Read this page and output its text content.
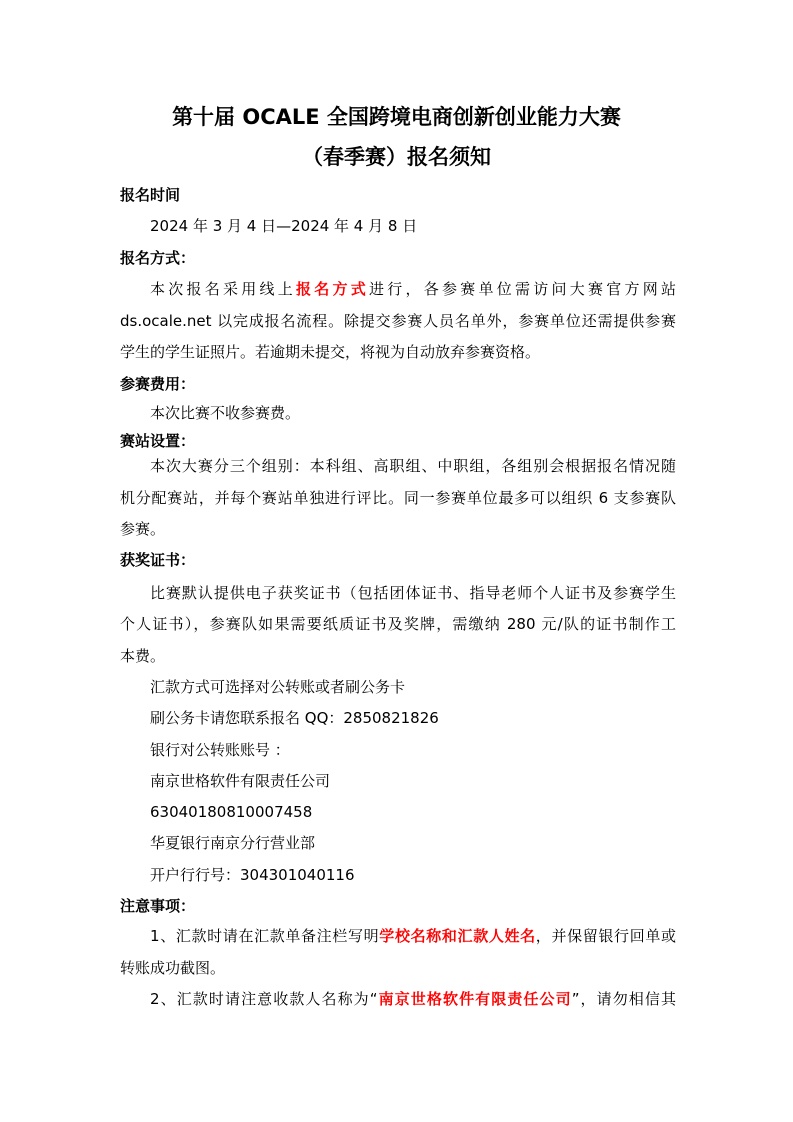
第十届 OCALE 全国跨境电商创新创业能力大赛
（春季赛）报名须知
报名时间
2024 年 3 月 4 日—2024 年 4 月 8 日
报名方式：
本次报名采用线上报名方式进行，各参赛单位需访问大赛官方网站
ds.ocale.net 以完成报名流程。除提交参赛人员名单外，参赛单位还需提供参赛
学生的学生证照片。若逾期未提交，将视为自动放弃参赛资格。
参赛费用：
本次比赛不收参赛费。
赛站设置：
本次大赛分三个组别：本科组、高职组、中职组，各组别会根据报名情况随
机分配赛站，并每个赛站单独进行评比。同一参赛单位最多可以组织 6 支参赛队
参赛。
获奖证书：
比赛默认提供电子获奖证书（包括团体证书、指导老师个人证书及参赛学生
个人证书），参赛队如果需要纸质证书及奖牌，需缴纳 280 元/队的证书制作工
本费。
汇款方式可选择对公转账或者刷公务卡
刷公务卡请您联系报名 QQ：2850821826
银行对公转账账号 ：
南京世格软件有限责任公司
63040180810007458
华夏银行南京分行营业部
开户行行号：304301040116
注意事项：
1、汇款时请在汇款单备注栏写明学校名称和汇款人姓名，并保留银行回单或
转账成功截图。
2、汇款时请注意收款人名称为“南京世格软件有限责任公司”，请勿相信其
